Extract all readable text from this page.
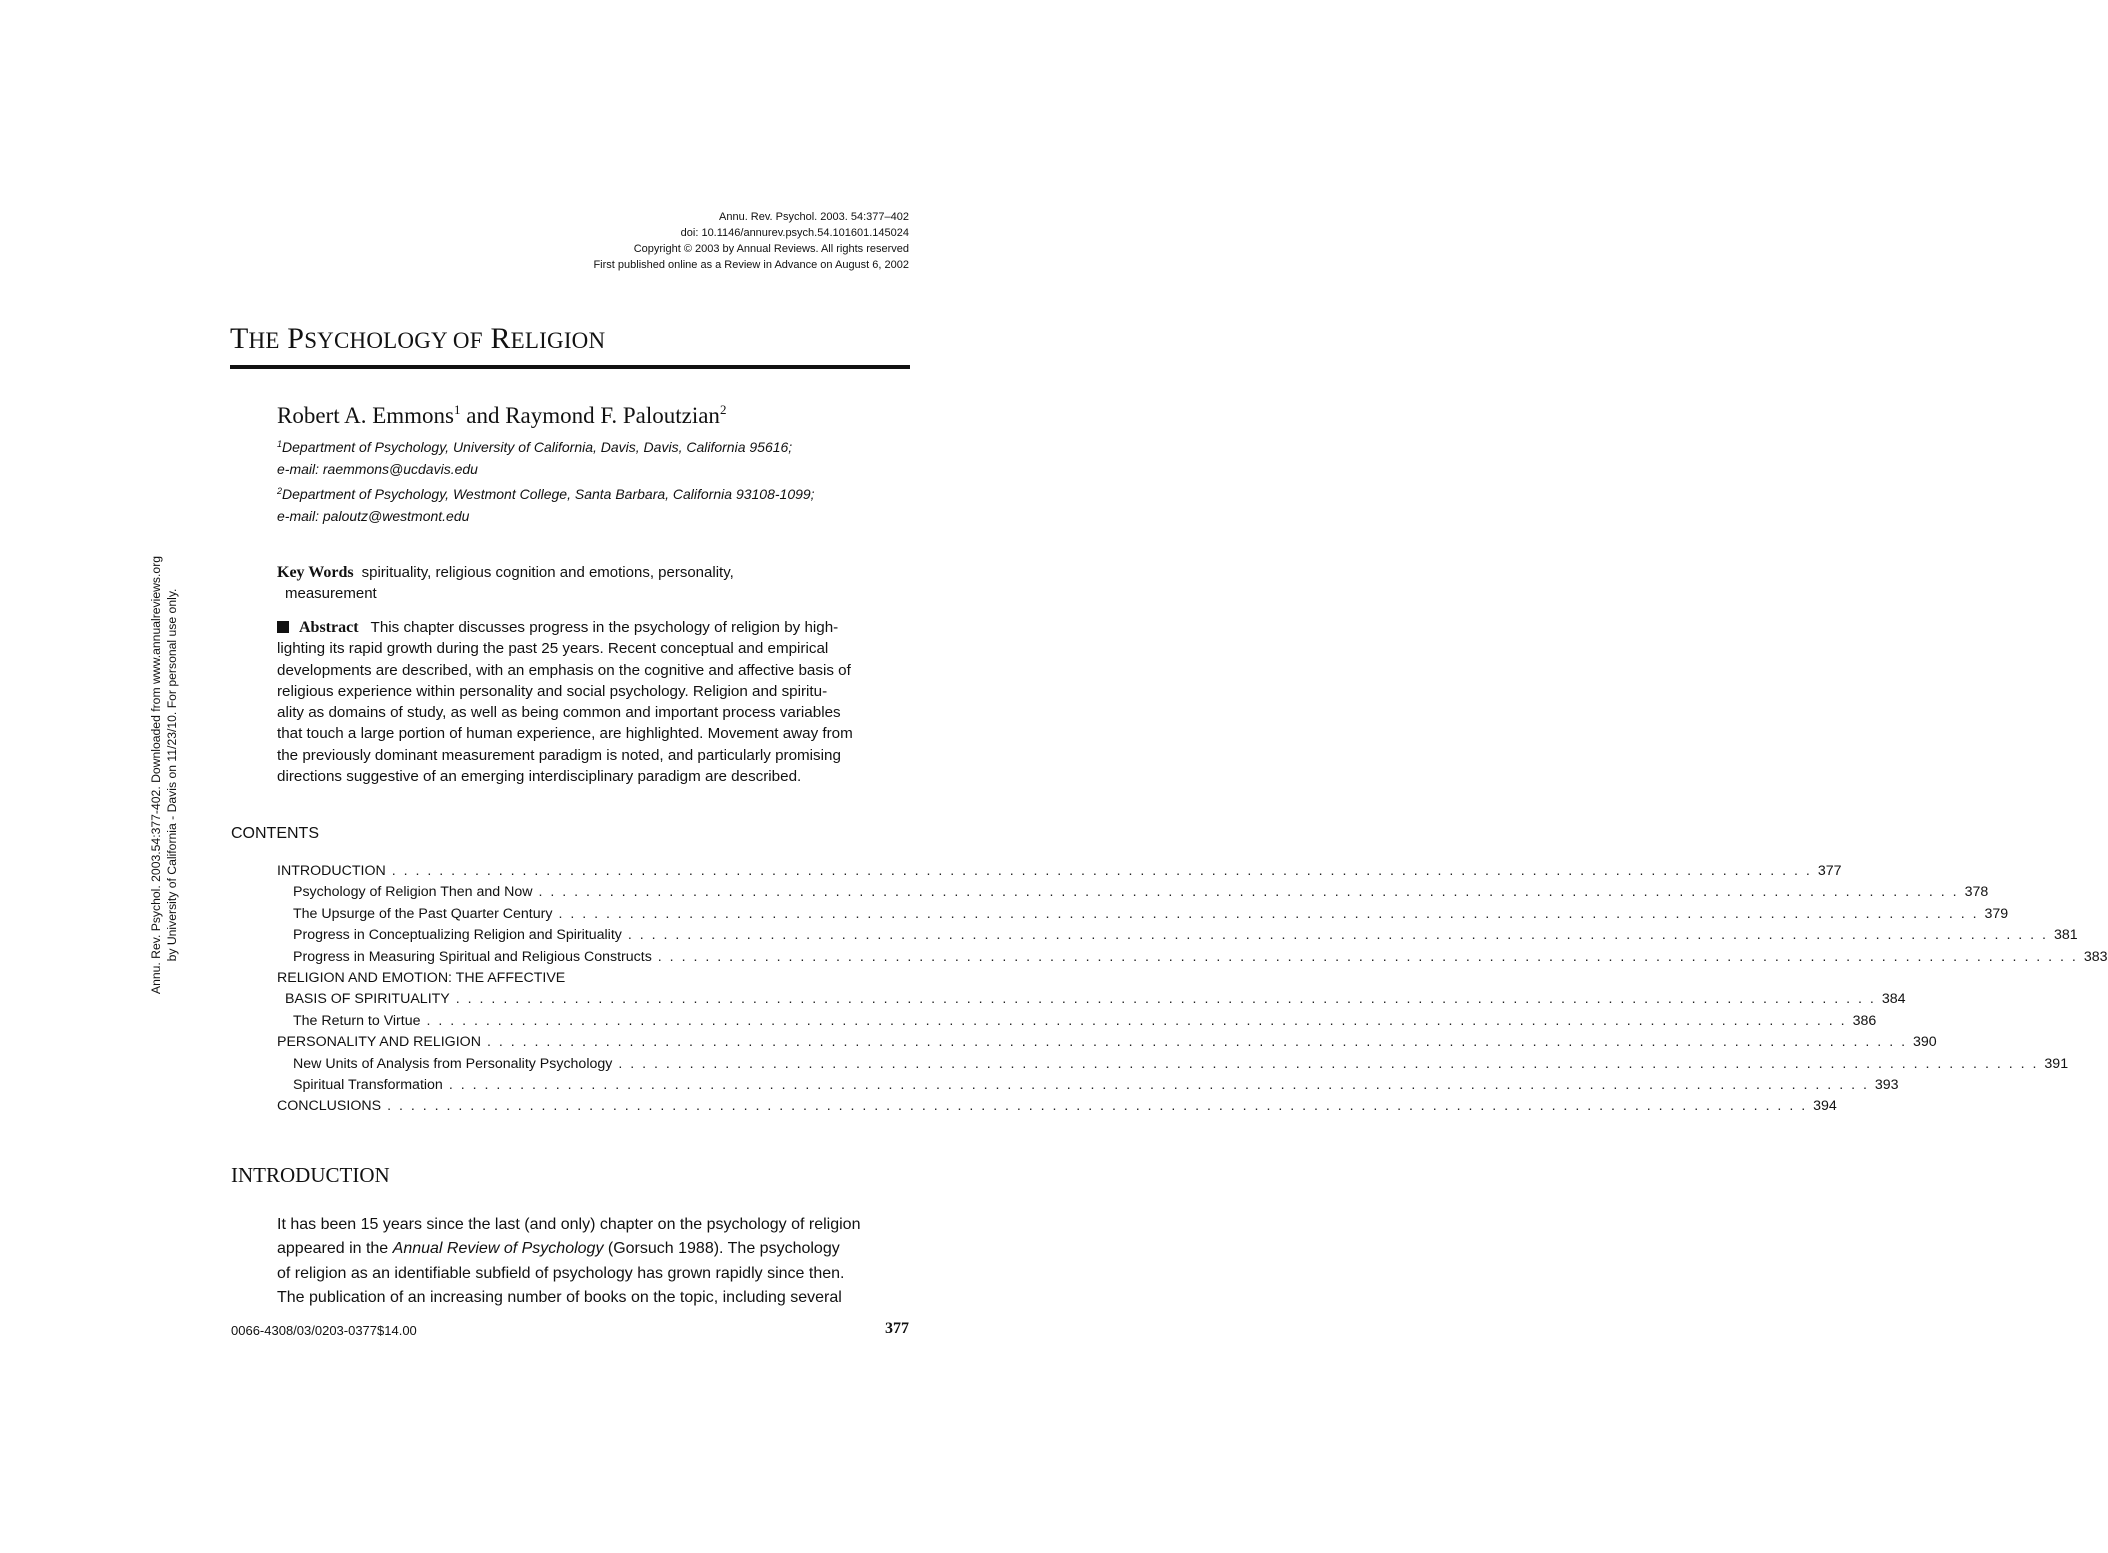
Annu. Rev. Psychol. 2003. 54:377–402
doi: 10.1146/annurev.psych.54.101601.145024
Copyright © 2003 by Annual Reviews. All rights reserved
First published online as a Review in Advance on August 6, 2002
THE PSYCHOLOGY OF RELIGION
Robert A. Emmons$^1$ and Raymond F. Paloutzian$^2$
$^1$Department of Psychology, University of California, Davis, Davis, California 95616;
e-mail: raemmons@ucdavis.edu
$^2$Department of Psychology, Westmont College, Santa Barbara, California 93108-1099;
e-mail: paloutz@westmont.edu
Key Words spirituality, religious cognition and emotions, personality,
measurement
Abstract This chapter discusses progress in the psychology of religion by high-
lighting its rapid growth during the past 25 years. Recent conceptual and empirical
developments are described, with an emphasis on the cognitive and affective basis of
religious experience within personality and social psychology. Religion and spiritu-
ality as domains of study, as well as being common and important process variables
that touch a large portion of human experience, are highlighted. Movement away from
the previously dominant measurement paradigm is noted, and particularly promising
directions suggestive of an emerging interdisciplinary paradigm are described.
CONTENTS
INTRODUCTION . . . . . . . . . . . . . . . . . . . . . . . . . . . . . . . . . . . . . . . . . . . . . . . . . . . . . . . . . . . . . . . . . . . . . . . . . . . . . . . . . . . . . . . . . . . . . . . . . . . . . . . . . . . . . . . . . . . . . . . . 377
Psychology of Religion Then and Now . . . . . . . . . . . . . . . . . . . . . . . . . . . . . . . . . . . . . . . . . . . . . . . . . . . . . . . . . . . . . . . . . . . . . . . . . . . . . . . . . . . . . . . . . . . . . . . . . . . . . . . . . . . . . . . . . . . . . . . . 378
The Upsurge of the Past Quarter Century . . . . . . . . . . . . . . . . . . . . . . . . . . . . . . . . . . . . . . . . . . . . . . . . . . . . . . . . . . . . . . . . . . . . . . . . . . . . . . . . . . . . . . . . . . . . . . . . . . . . . . . . . . . . . . . . . . . . . . . . 379
Progress in Conceptualizing Religion and Spirituality . . . . . . . . . . . . . . . . . . . . . . . . . . . . . . . . . . . . . . . . . . . . . . . . . . . . . . . . . . . . . . . . . . . . . . . . . . . . . . . . . . . . . . . . . . . . . . . . . . . . . . . . . . . . . . . . . . . . . . . . 381
Progress in Measuring Spiritual and Religious Constructs . . . . . . . . . . . . . . . . . . . . . . . . . . . . . . . . . . . . . . . . . . . . . . . . . . . . . . . . . . . . . . . . . . . . . . . . . . . . . . . . . . . . . . . . . . . . . . . . . . . . . . . . . . . . . . . . . . . . . . . . 383
RELIGION AND EMOTION: THE AFFECTIVE
BASIS OF SPIRITUALITY . . . . . . . . . . . . . . . . . . . . . . . . . . . . . . . . . . . . . . . . . . . . . . . . . . . . . . . . . . . . . . . . . . . . . . . . . . . . . . . . . . . . . . . . . . . . . . . . . . . . . . . . . . . . . . . . . . . . . . . . 384
The Return to Virtue . . . . . . . . . . . . . . . . . . . . . . . . . . . . . . . . . . . . . . . . . . . . . . . . . . . . . . . . . . . . . . . . . . . . . . . . . . . . . . . . . . . . . . . . . . . . . . . . . . . . . . . . . . . . . . . . . . . . . . . . 386
PERSONALITY AND RELIGION . . . . . . . . . . . . . . . . . . . . . . . . . . . . . . . . . . . . . . . . . . . . . . . . . . . . . . . . . . . . . . . . . . . . . . . . . . . . . . . . . . . . . . . . . . . . . . . . . . . . . . . . . . . . . . . . . . . . . . . . 390
New Units of Analysis from Personality Psychology . . . . . . . . . . . . . . . . . . . . . . . . . . . . . . . . . . . . . . . . . . . . . . . . . . . . . . . . . . . . . . . . . . . . . . . . . . . . . . . . . . . . . . . . . . . . . . . . . . . . . . . . . . . . . . . . . . . . . . . . 391
Spiritual Transformation . . . . . . . . . . . . . . . . . . . . . . . . . . . . . . . . . . . . . . . . . . . . . . . . . . . . . . . . . . . . . . . . . . . . . . . . . . . . . . . . . . . . . . . . . . . . . . . . . . . . . . . . . . . . . . . . . . . . . . . . 393
CONCLUSIONS . . . . . . . . . . . . . . . . . . . . . . . . . . . . . . . . . . . . . . . . . . . . . . . . . . . . . . . . . . . . . . . . . . . . . . . . . . . . . . . . . . . . . . . . . . . . . . . . . . . . . . . . . . . . . . . . . . . . . . . . 394
INTRODUCTION
It has been 15 years since the last (and only) chapter on the psychology of religion
appeared in the Annual Review of Psychology (Gorsuch 1988). The psychology
of religion as an identifiable subfield of psychology has grown rapidly since then.
The publication of an increasing number of books on the topic, including several
0066-4308/03/0203-0377$14.00	377
Annu. Rev. Psychol. 2003.54:377-402. Downloaded from www.annualreviews.org by University of California - Davis on 11/23/10. For personal use only.
